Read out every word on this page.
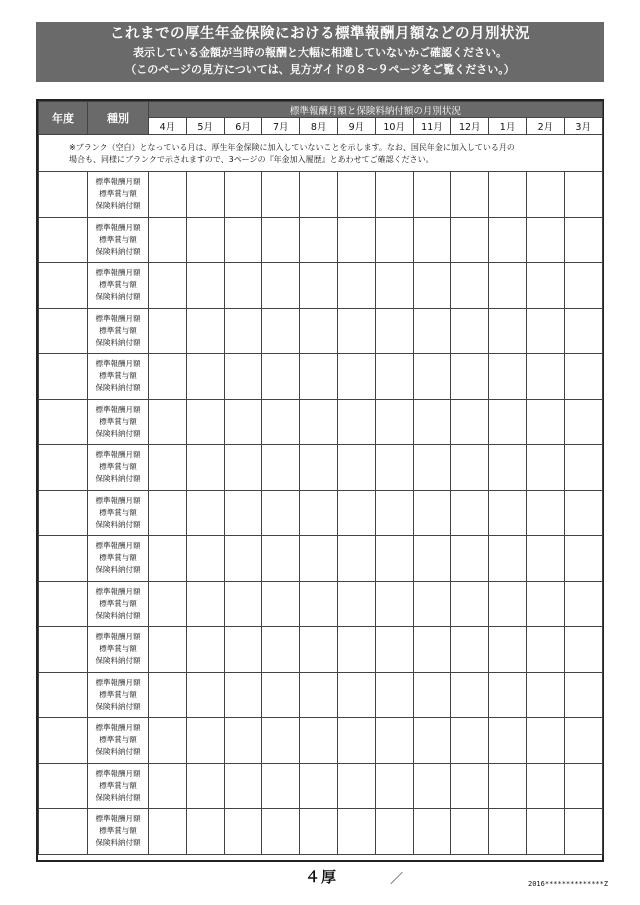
これまでの厚生年金保険における標準報酬月額などの月別状況
表示している金額が当時の報酬と大幅に相違していないかご確認ください。
（このページの見方については、見方ガイドの８～９ページをご覧ください。）
年度	種別	標準報酬月額と保険料納付額の月別状況											
		4月	5月	6月	7月	8月	9月	10月	11月	12月	1月	2月	3月

※ブランク（空白）となっている月は、厚生年金保険に加入していないことを示します。なお、国民年金に加入している月の
場合も、同様にブランクで示されますので、3ページの『年金加入履歴』とあわせてご確認ください。													

	標準報酬月額
標準賞与額
保険料納付額												

	標準報酬月額
標準賞与額
保険料納付額												

	標準報酬月額
標準賞与額
保険料納付額												

	標準報酬月額
標準賞与額
保険料納付額												

	標準報酬月額
標準賞与額
保険料納付額												

	標準報酬月額
標準賞与額
保険料納付額												

	標準報酬月額
標準賞与額
保険料納付額												

	標準報酬月額
標準賞与額
保険料納付額												

	標準報酬月額
標準賞与額
保険料納付額												

	標準報酬月額
標準賞与額
保険料納付額												

	標準報酬月額
標準賞与額
保険料納付額												

	標準報酬月額
標準賞与額
保険料納付額												

	標準報酬月額
標準賞与額
保険料納付額												

	標準報酬月額
標準賞与額
保険料納付額												

	標準報酬月額
標準賞与額
保険料納付額												

４厚	／	2016**************Z
